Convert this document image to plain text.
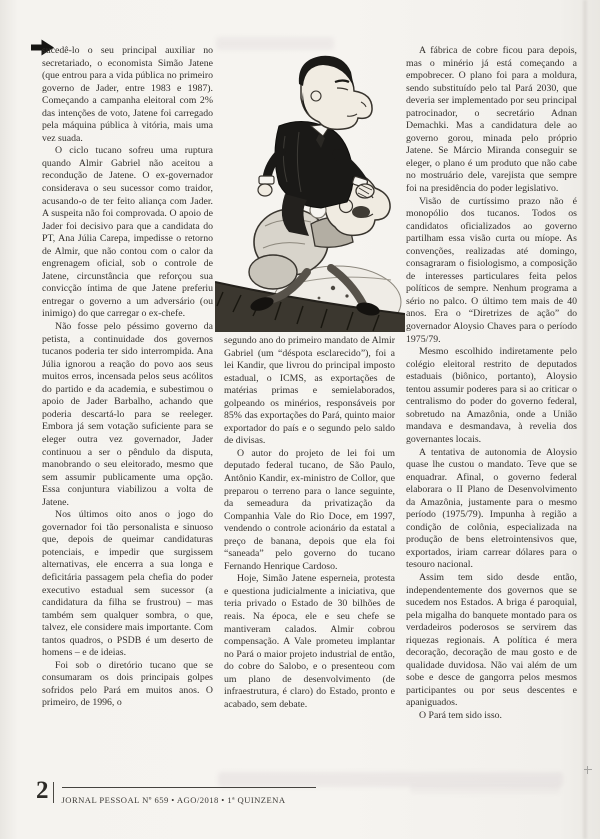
sucedê-lo o seu principal auxiliar no secretariado, o economista Simão Jatene (que entrou para a vida pública no primeiro governo de Jader, entre 1983 e 1987). Começando a campanha eleitoral com 2% das intenções de voto, Jatene foi carregado pela máquina pública à vitória, mais uma vez suada.

O ciclo tucano sofreu uma ruptura quando Almir Gabriel não aceitou a recondução de Jatene. O ex-governador considerava o seu sucessor como traidor, acusando-o de ter feito aliança com Jader. A suspeita não foi comprovada. O apoio de Jader foi decisivo para que a candidata do PT, Ana Júlia Carepa, impedisse o retorno de Almir, que não contou com o calor da engrenagem oficial, sob o controle de Jatene, circunstância que reforçou sua convicção íntima de que Jatene preferiu entregar o governo a um adversário (ou inimigo) do que carregar o ex-chefe.

Não fosse pelo péssimo governo da petista, a continuidade dos governos tucanos poderia ter sido interrompida. Ana Júlia ignorou a reação do povo aos seus muitos erros, incensada pelos seus acólitos do partido e da academia, e subestimou o apoio de Jader Barbalho, achando que poderia descartá-lo para se reeleger. Embora já sem votação suficiente para se eleger outra vez governador, Jader continuou a ser o pêndulo da disputa, manobrando o seu eleitorado, mesmo que sem assumir publicamente uma opção. Essa conjuntura viabilizou a volta de Jatene.

Nos últimos oito anos o jogo do governador foi tão personalista e sinuoso que, depois de queimar candidaturas potenciais, e impedir que surgissem alternativas, ele encerra a sua longa e deficitária passagem pela chefia do poder executivo estadual sem sucessor (a candidatura da filha se frustrou) – mas também sem qualquer sombra, o que, talvez, ele considere mais importante. Com tantos quadros, o PSDB é um deserto de homens – e de ideias.

Foi sob o diretório tucano que se consumaram os dois principais golpes sofridos pelo Pará em muitos anos. O primeiro, de 1996, o

segundo ano do primeiro mandato de Almir Gabriel (um “déspota esclarecido”), foi a lei Kandir, que livrou do principal imposto estadual, o ICMS, as exportações de matérias primas e semielaborados, golpeando os minérios, responsáveis por 85% das exportações do Pará, quinto maior exportador do país e o segundo pelo saldo de divisas.

O autor do projeto de lei foi um deputado federal tucano, de São Paulo, Antônio Kandir, ex-ministro de Collor, que preparou o terreno para o lance seguinte, da semeadura da privatização da Companhia Vale do Rio Doce, em 1997, vendendo o controle acionário da estatal a preço de banana, depois que ela foi “saneada” pelo governo do tucano Fernando Henrique Cardoso.

Hoje, Simão Jatene esperneia, protesta e questiona judicialmente a iniciativa, que teria privado o Estado de 30 bilhões de reais. Na época, ele e seu chefe se mantiveram calados. Almir cobrou compensação. A Vale prometeu implantar no Pará o maior projeto industrial de então, do cobre do Salobo, e o presenteou com um plano de desenvolvimento (de infraestrutura, é claro) do Estado, pronto e acabado, sem debate.

A fábrica de cobre ficou para depois, mas o minério já está começando a empobrecer. O plano foi para a moldura, sendo substituído pelo tal Pará 2030, que deveria ser implementado por seu principal patrocinador, o secretário Adnan Demachki. Mas a candidatura dele ao governo gorou, minada pelo próprio Jatene. Se Márcio Miranda conseguir se eleger, o plano é um produto que não cabe no mostruário dele, varejista que sempre foi na presidência do poder legislativo.

Visão de curtíssimo prazo não é monopólio dos tucanos. Todos os candidatos oficializados ao governo partilham essa visão curta ou míope. As convenções, realizadas até domingo, consagraram o fisiologismo, a composição de interesses particulares feita pelos políticos de sempre. Nenhum programa a sério no palco. O último tem mais de 40 anos. Era o “Diretrizes de ação” do governador Aloysio Chaves para o período 1975/79.

Mesmo escolhido indiretamente pelo colégio eleitoral restrito de deputados estaduais (biônico, portanto), Aloysio tentou assumir poderes para si ao criticar o centralismo do poder do governo federal, sobretudo na Amazônia, onde a União mandava e desmandava, à revelia dos governantes locais.

A tentativa de autonomia de Aloysio quase lhe custou o mandato. Teve que se enquadrar. Afinal, o governo federal elaborara o II Plano de Desenvolvimento da Amazônia, justamente para o mesmo período (1975/79). Impunha à região a condição de colônia, especializada na produção de bens eletrointensivos que, exportados, iriam carrear dólares para o tesouro nacional.

Assim tem sido desde então, independentemente dos governos que se sucedem nos Estados. A briga é paroquial, pela migalha do banquete montado para os verdadeiros poderosos se servirem das riquezas regionais. A política é mera decoração, decoração de mau gosto e de qualidade duvidosa. Não vai além de um sobe e desce de gangorra pelos mesmos participantes ou por seus descentes e apaniguados.

O Pará tem sido isso.

2 JORNAL PESSOAL Nº 659 • AGO/2018 • 1ª QUINZENA
